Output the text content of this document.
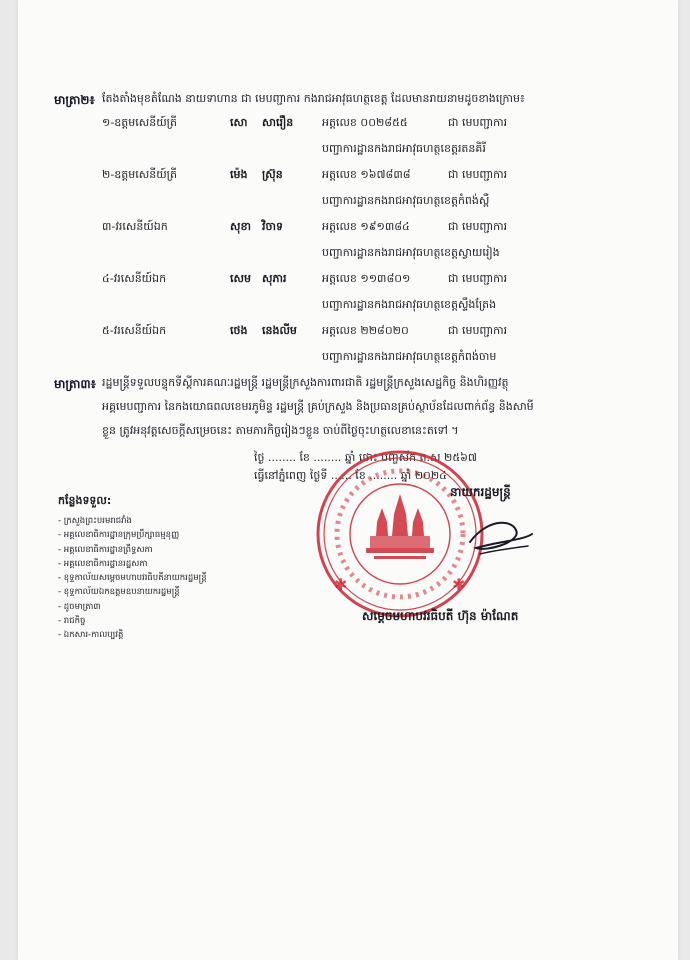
មាត្រា២៖ តែងតាំងមុខតំណែង នាយទាហាន ជា មេបញ្ជាការ កងរាជអាវុធហត្ថខេត្ត ដែលមានរាយនាមដូចខាងក្រោម៖
១-ឧត្តមសេនីយ៍ត្រី	សោ សារឿន	អត្តលេខ ០០២៨៥៥	ជា មេបញ្ជាការ
បញ្ជាការដ្ឋានកងរាជអាវុធហត្ថខេត្តរតនគិរី
២-ឧត្តមសេនីយ៍ត្រី	ម៉េង ស្រ៊ុន	អត្តលេខ ១៦៧៨៣៨	ជា មេបញ្ជាការ
បញ្ជាការដ្ឋានកងរាជអាវុធហត្ថខេត្តកំពង់ស្ពឺ
៣-វរសេនីយ៍ឯក	សុខា វិចាទ	អត្តលេខ ១៩១៣៨៤	ជា មេបញ្ជាការ
បញ្ជាការដ្ឋានកងរាជអាវុធហត្ថខេត្តស្វាយរៀង
៤-វរសេនីយ៍ឯក	សេម សុភារ	អត្តលេខ ១១៣៨០១	ជា មេបញ្ជាការ
បញ្ជាការដ្ឋានកងរាជអាវុធហត្ថខេត្តស្ទឹងត្រែង
៥-វរសេនីយ៍ឯក	ថេង នេងលីម អត្តលេខ ២២៨០២០	ជា មេបញ្ជាការ
បញ្ជាការដ្ឋានកងរាជអាវុធហត្ថខេត្តកំពង់ចាម
មាត្រា៣៖ រដ្ឋមន្ត្រីទទួលបន្ទុកទីស្តីការគណៈរដ្ឋមន្ត្រី រដ្ឋមន្ត្រីក្រសួងការពារជាតិ រដ្ឋមន្ត្រីក្រសួងសេដ្ឋកិច្ច និងហិរញ្ញវត្ថុ
អគ្គមេបញ្ជាការ នៃកងយោធពលខេមរភូមិន្ទ រដ្ឋមន្ត្រី គ្រប់ក្រសួង និងប្រធានគ្រប់ស្ថាប័នដែលពាក់ព័ន្ធ និងសាមី
ខ្លួន ត្រូវអនុវត្តសេចក្តីសម្រេចនេះ តាមភារកិច្ចរៀងៗខ្លួន ចាប់ពីថ្ងៃចុះហត្ថលេខានេះតទៅ ។
ថ្ងៃ ........ ខែ ........ ឆ្នាំ ថោះ បញ្ចស័ក ព.ស ២៥៦៧
ធ្វើនៅភ្នំពេញ ថ្ងៃទី ...... ខែ ........ ឆ្នាំ ២០២៤
កន្លែងទទួល:
- ក្រសួងព្រះបរមរាជវាំង
- អគ្គលេខាធិការដ្ឋានក្រុមប្រឹក្សាធម្មនុញ្ញ
- អគ្គលេខាធិការដ្ឋានព្រឹទ្ធសភា
- អគ្គលេខាធិការដ្ឋានរដ្ឋសភា
- ខុទ្ទកាល័យសម្ដេចមហាបវរធិបតីនាយករដ្ឋមន្ត្រី
- ខុទ្ទកាល័យឯកឧត្តមឧបនាយករដ្ឋមន្ត្រី
- ដូចមាត្រា៣
- រាជកិច្ច
- ឯកសារ-កាលប្បវត្តិ
✱	✱
នាយករដ្ឋមន្ត្រី
សម្ដេចមហាបវរធិបតី ហ៊ុន ម៉ាណែត
